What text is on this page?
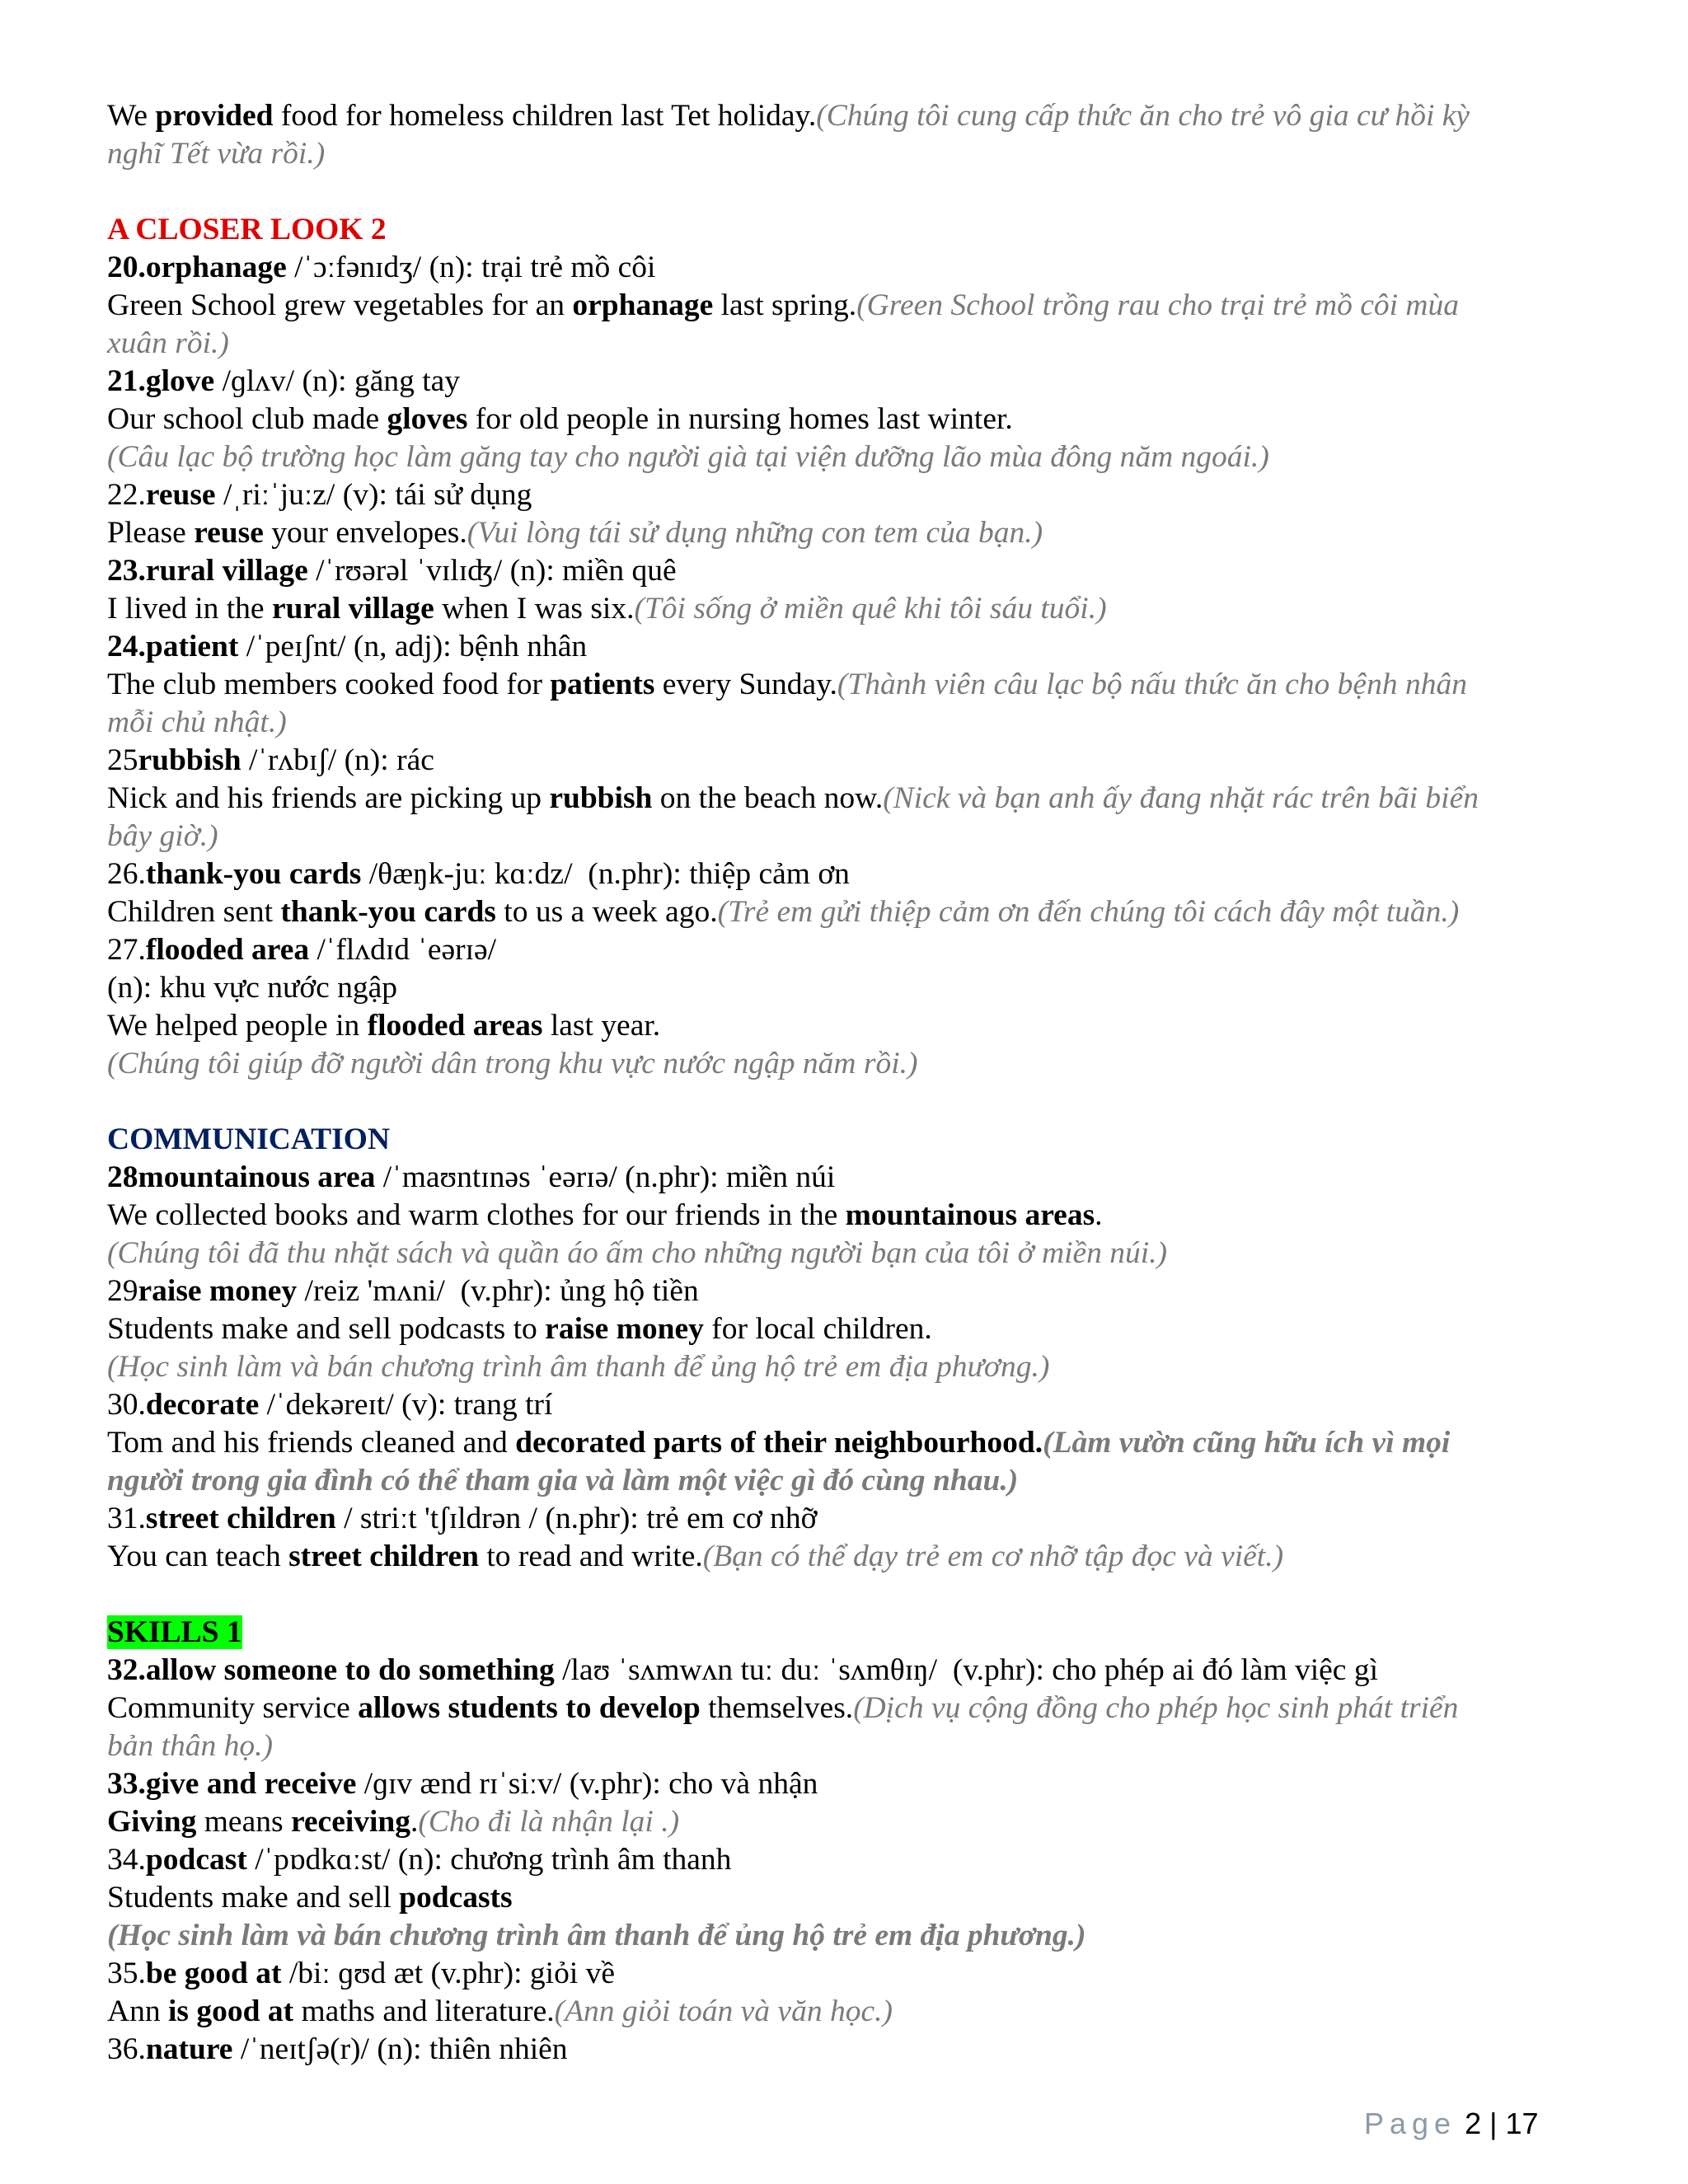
We provided food for homeless children last Tet holiday.(Chúng tôi cung cấp thức ăn cho trẻ vô gia cư hồi kỳ
nghĩ Tết vừa rồi.)
A CLOSER LOOK 2
20.orphanage /ˈɔːfənɪdʒ/ (n): trại trẻ mồ côi
Green School grew vegetables for an orphanage last spring.(Green School trồng rau cho trại trẻ mồ côi mùa
xuân rồi.)
21.glove /ɡlʌv/ (n): găng tay
Our school club made gloves for old people in nursing homes last winter.
(Câu lạc bộ trường học làm găng tay cho người già tại viện dưỡng lão mùa đông năm ngoái.)
22.reuse /ˌriːˈjuːz/ (v): tái sử dụng
Please reuse your envelopes.(Vui lòng tái sử dụng những con tem của bạn.)
23.rural village /ˈrʊərəl ˈvɪlɪʤ/ (n): miền quê
I lived in the rural village when I was six.(Tôi sống ở miền quê khi tôi sáu tuổi.)
24.patient /ˈpeɪʃnt/ (n, adj): bệnh nhân
The club members cooked food for patients every Sunday.(Thành viên câu lạc bộ nấu thức ăn cho bệnh nhân
mỗi chủ nhật.)
25rubbish /ˈrʌbɪʃ/ (n): rác
Nick and his friends are picking up rubbish on the beach now.(Nick và bạn anh ấy đang nhặt rác trên bãi biển
bây giờ.)
26.thank-you cards /θæŋk-juː kɑːdz/  (n.phr): thiệp cảm ơn
Children sent thank-you cards to us a week ago.(Trẻ em gửi thiệp cảm ơn đến chúng tôi cách đây một tuần.)
27.flooded area /ˈflʌdɪd ˈeərɪə/
(n): khu vực nước ngập
We helped people in flooded areas last year.
(Chúng tôi giúp đỡ người dân trong khu vực nước ngập năm rồi.)
COMMUNICATION
28mountainous area /ˈmaʊntɪnəs ˈeərɪə/ (n.phr): miền núi
We collected books and warm clothes for our friends in the mountainous areas.
(Chúng tôi đã thu nhặt sách và quần áo ấm cho những người bạn của tôi ở miền núi.)
29raise money /reiz 'mʌni/  (v.phr): ủng hộ tiền
Students make and sell podcasts to raise money for local children.
(Học sinh làm và bán chương trình âm thanh để ủng hộ trẻ em địa phương.)
30.decorate /ˈdekəreɪt/ (v): trang trí
Tom and his friends cleaned and decorated parts of their neighbourhood.(Làm vườn cũng hữu ích vì mọi
người trong gia đình có thể tham gia và làm một việc gì đó cùng nhau.)
31.street children / striːt 'tʃɪldrən / (n.phr): trẻ em cơ nhỡ
You can teach street children to read and write.(Bạn có thể dạy trẻ em cơ nhỡ tập đọc và viết.)
SKILLS 1
32.allow someone to do something /laʊ ˈsʌmwʌn tuː duː ˈsʌmθɪŋ/  (v.phr): cho phép ai đó làm việc gì
Community service allows students to develop themselves.(Dịch vụ cộng đồng cho phép học sinh phát triển
bản thân họ.)
33.give and receive /ɡɪv ænd rɪˈsiːv/ (v.phr): cho và nhận
Giving means receiving.(Cho đi là nhận lại .)
34.podcast /ˈpɒdkɑːst/ (n): chương trình âm thanh
Students make and sell podcasts
(Học sinh làm và bán chương trình âm thanh để ủng hộ trẻ em địa phương.)
35.be good at /biː ɡʊd æt (v.phr): giỏi về
Ann is good at maths and literature.(Ann giỏi toán và văn học.)
36.nature /ˈneɪtʃə(r)/ (n): thiên nhiên
Page 2 | 17
